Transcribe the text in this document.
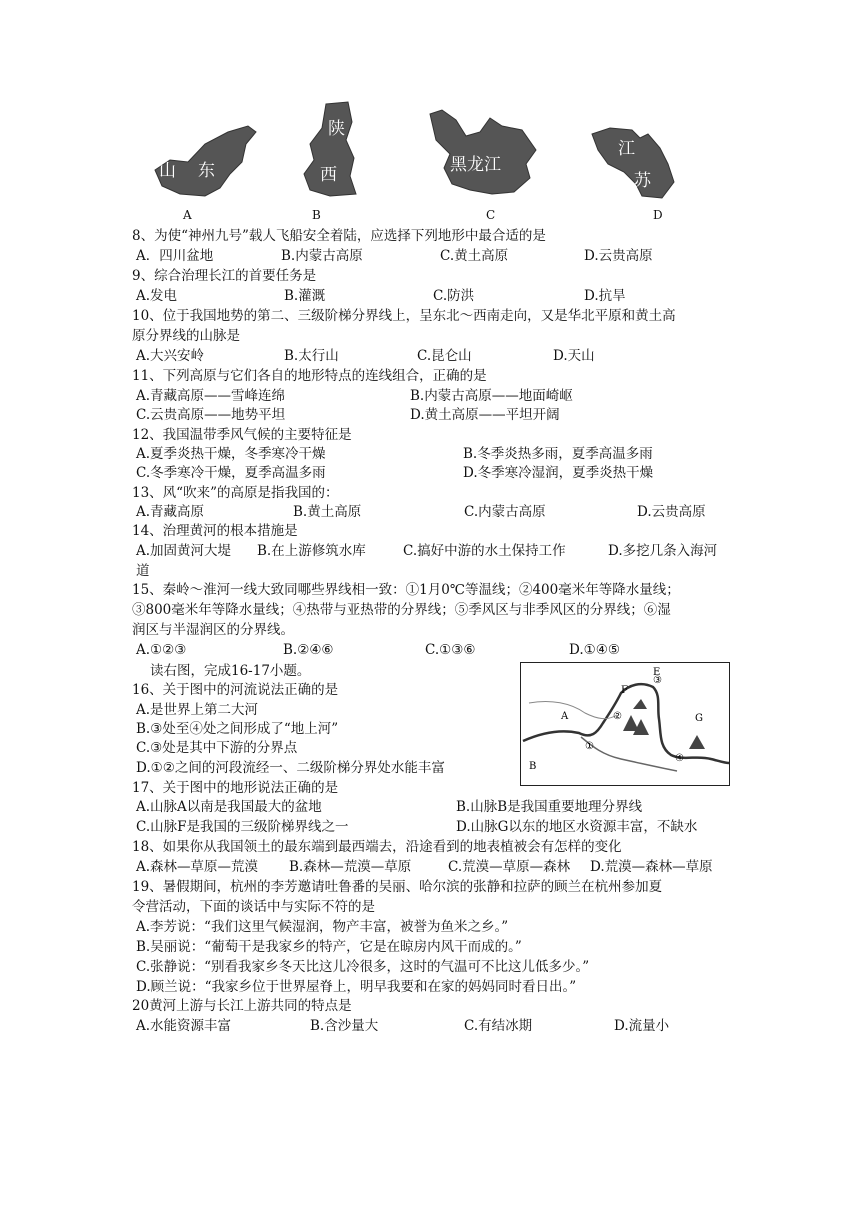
山 东
A
陕
西
B
黑龙江
C
江
苏
D
8、为使“神州九号”载人飞船安全着陆，应选择下列地形中最合适的是
A．四川盆地	B.内蒙古高原	C.黄土高原	D.云贵高原
9、综合治理长江的首要任务是
A.发电	B.灌溉	C.防洪	D.抗旱
10、位于我国地势的第二、三级阶梯分界线上，呈东北～西南走向，又是华北平原和黄土高
原分界线的山脉是
A.大兴安岭	B.太行山	C.昆仑山	D.天山
11、下列高原与它们各自的地形特点的连线组合，正确的是
A.青藏高原——雪峰连绵	B.内蒙古高原——地面崎岖
C.云贵高原——地势平坦	D.黄土高原——平坦开阔
12、我国温带季风气候的主要特征是
A.夏季炎热干燥，冬季寒冷干燥	B.冬季炎热多雨，夏季高温多雨
C.冬季寒冷干燥，夏季高温多雨	D.冬季寒冷湿润，夏季炎热干燥
13、风“吹来”的高原是指我国的：
A.青藏高原	B.黄土高原	C.内蒙古高原	D.云贵高原
14、治理黄河的根本措施是
A.加固黄河大堤 B.在上游修筑水库	C.搞好中游的水土保持工作	D.多挖几条入海河
道
15、秦岭～淮河一线大致同哪些界线相一致：①1月0℃等温线；②400毫米年等降水量线；
③800毫米年等降水量线；④热带与亚热带的分界线；⑤季风区与非季风区的分界线；⑥湿
润区与半湿润区的分界线。
A.①②③	B.②④⑥	C.①③⑥	D.①④⑤
读右图，完成16-17小题。	E
F
G
A
B
①
②
③
④
16、关于图中的河流说法正确的是
A.是世界上第二大河
B.③处至④处之间形成了“地上河”
C.③处是其中下游的分界点
D.①②之间的河段流经一、二级阶梯分界处水能丰富
17、关于图中的地形说法正确的是
A.山脉A以南是我国最大的盆地	B.山脉B是我国重要地理分界线
C.山脉F是我国的三级阶梯界线之一	D.山脉G以东的地区水资源丰富，不缺水
18、如果你从我国领土的最东端到最西端去，沿途看到的地表植被会有怎样的变化
A.森林—草原—荒漠 B.森林—荒漠—草原	C.荒漠—草原—森林 D.荒漠—森林—草原
19、暑假期间，杭州的李芳邀请吐鲁番的吴丽、哈尔滨的张静和拉萨的顾兰在杭州参加夏
令营活动，下面的谈话中与实际不符的是
A.李芳说：“我们这里气候湿润，物产丰富，被誉为鱼米之乡。”
B.吴丽说：“葡萄干是我家乡的特产，它是在晾房内风干而成的。”
C.张静说：“别看我家乡冬天比这儿冷很多，这时的气温可不比这儿低多少。”
D.顾兰说：“我家乡位于世界屋脊上，明早我要和在家的妈妈同时看日出。”
20黄河上游与长江上游共同的特点是
A.水能资源丰富	B.含沙量大	C.有结冰期	D.流量小
